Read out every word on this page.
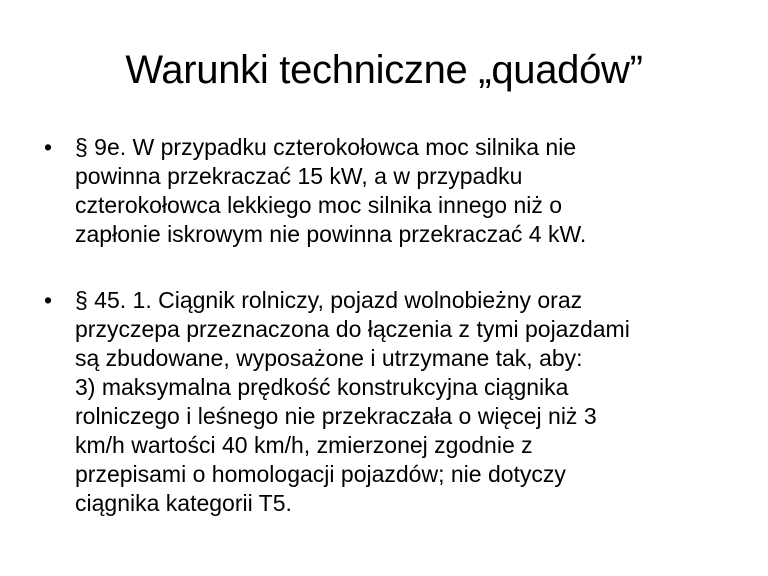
Warunki techniczne „quadów”
• § 9e. W przypadku czterokołowca moc silnika nie
powinna przekraczać 15 kW, a w przypadku
czterokołowca lekkiego moc silnika innego niż o
zapłonie iskrowym nie powinna przekraczać 4 kW.
• § 45. 1. Ciągnik rolniczy, pojazd wolnobieżny oraz
przyczepa przeznaczona do łączenia z tymi pojazdami
są zbudowane, wyposażone i utrzymane tak, aby:
3) maksymalna prędkość konstrukcyjna ciągnika
rolniczego i leśnego nie przekraczała o więcej niż 3
km/h wartości 40 km/h, zmierzonej zgodnie z
przepisami o homologacji pojazdów; nie dotyczy
ciągnika kategorii T5.
